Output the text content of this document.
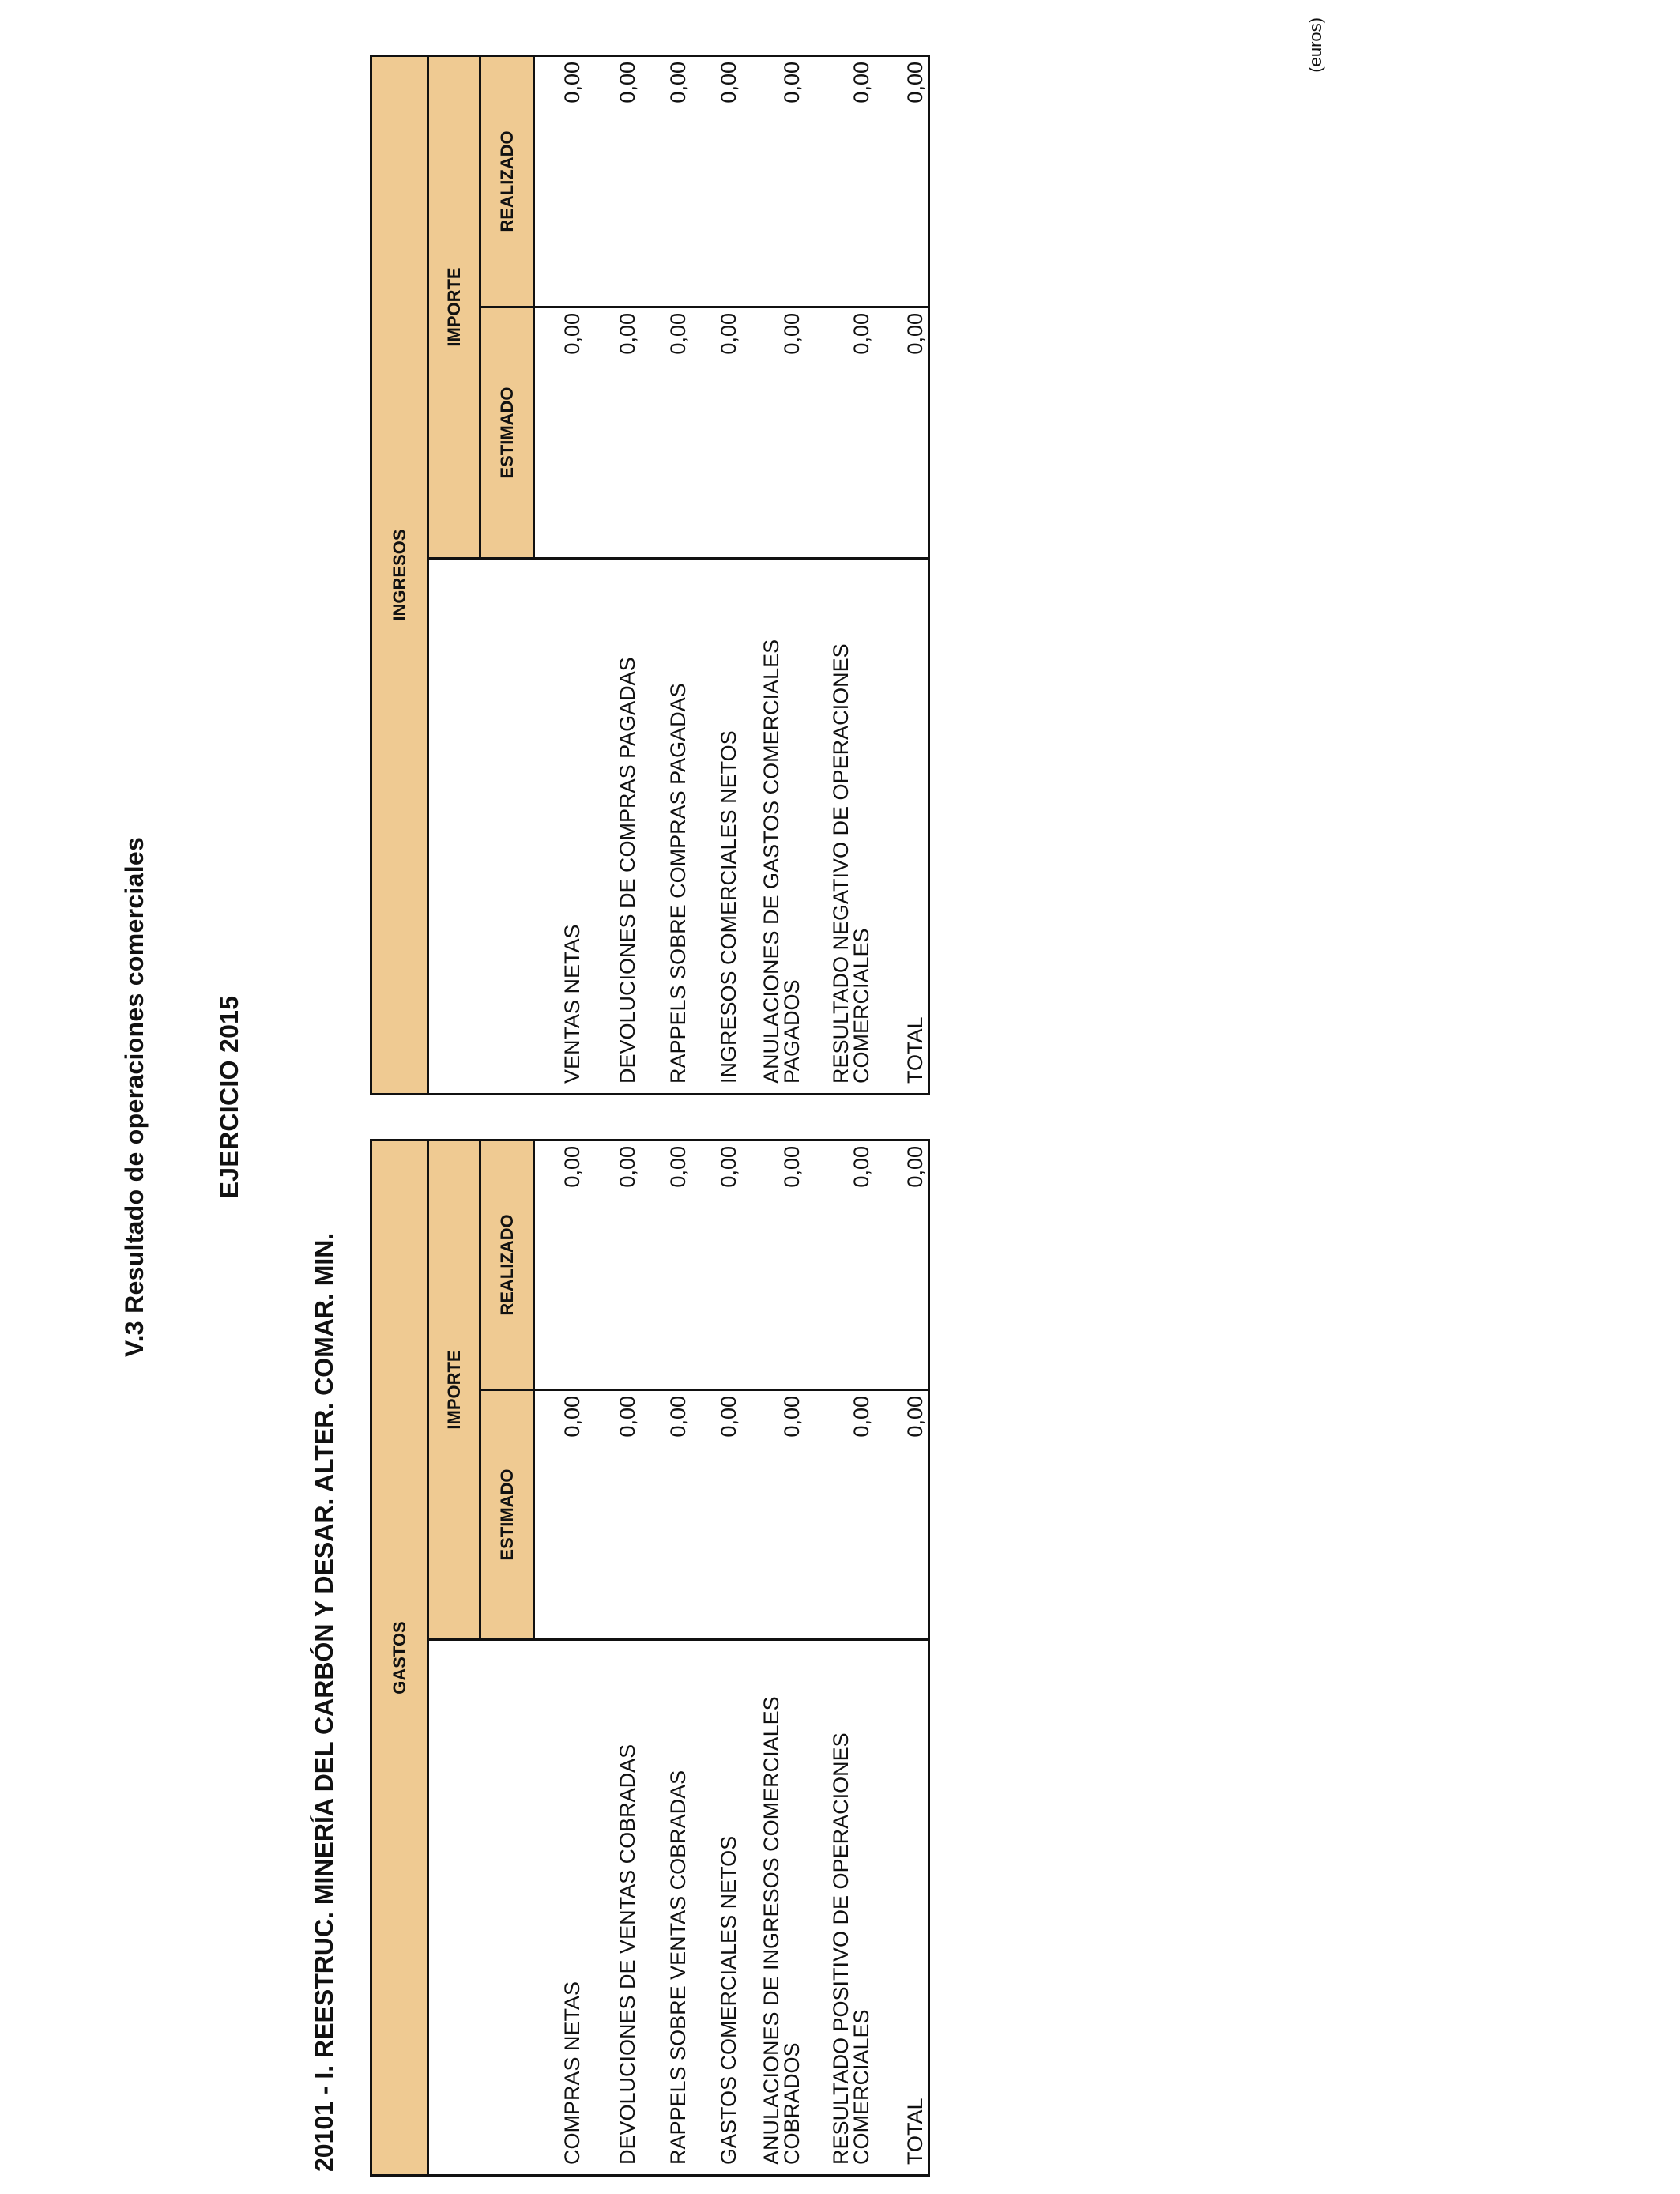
V.3 Resultado de operaciones comerciales	EJERCICIO 2015
20101 - I. REESTRUC. MINERÍA DEL CARBÓN Y DESAR. ALTER. COMAR. MIN.
(euros)
GASTOS		
	IMPORTE	
	ESTIMADO	REALIZADO
COMPRAS NETAS	0,00	0,00
DEVOLUCIONES DE VENTAS COBRADAS	0,00	0,00
RAPPELS SOBRE VENTAS COBRADAS	0,00	0,00
GASTOS COMERCIALES NETOS	0,00	0,00
ANULACIONES DE INGRESOS COMERCIALES COBRADOS	0,00	0,00
RESULTADO POSITIVO DE OPERACIONES COMERCIALES	0,00	0,00
TOTAL	0,00	0,00
INGRESOS		
	IMPORTE	
	ESTIMADO	REALIZADO
VENTAS NETAS	0,00	0,00
DEVOLUCIONES DE COMPRAS PAGADAS	0,00	0,00
RAPPELS SOBRE COMPRAS PAGADAS	0,00	0,00
INGRESOS COMERCIALES NETOS	0,00	0,00
ANULACIONES DE GASTOS COMERCIALES PAGADOS	0,00	0,00
RESULTADO NEGATIVO DE OPERACIONES COMERCIALES	0,00	0,00
TOTAL	0,00	0,00
